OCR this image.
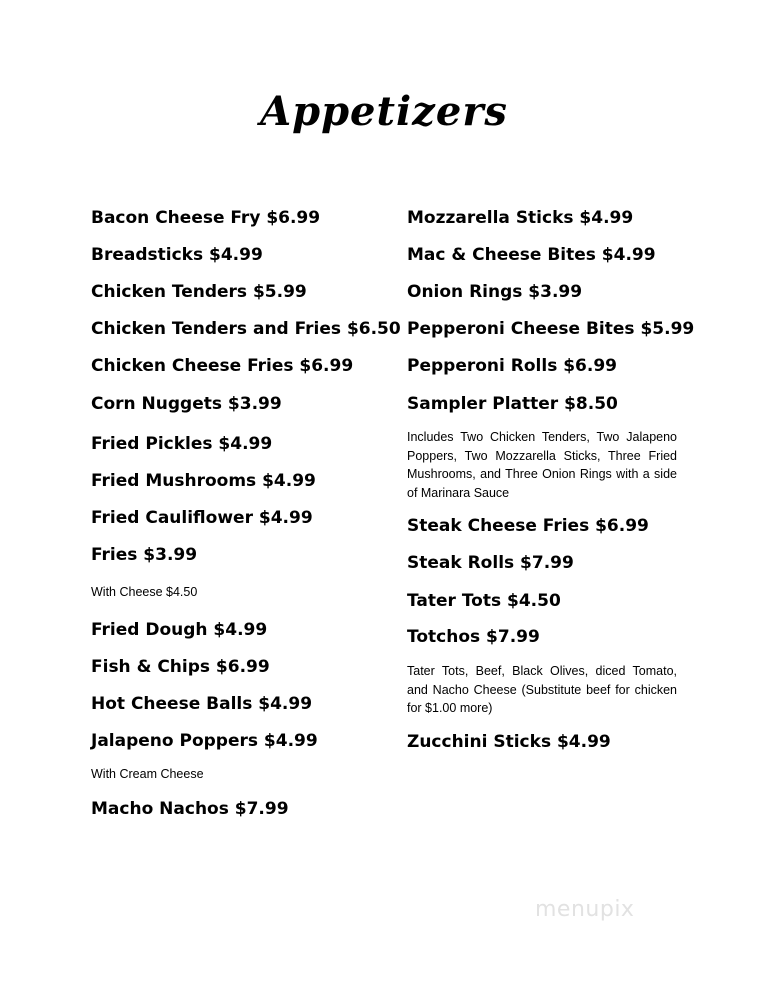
Appetizers
Bacon Cheese Fry $6.99
Breadsticks $4.99
Chicken Tenders $5.99
Chicken Tenders and Fries $6.50
Chicken Cheese Fries $6.99
Corn Nuggets $3.99
Fried Pickles $4.99
Fried Mushrooms $4.99
Fried Cauliflower $4.99
Fries $3.99
With Cheese $4.50
Fried Dough $4.99
Fish & Chips $6.99
Hot Cheese Balls $4.99
Jalapeno Poppers $4.99
With Cream Cheese
Macho Nachos $7.99
Mozzarella Sticks $4.99
Mac & Cheese Bites $4.99
Onion Rings $3.99
Pepperoni Cheese Bites $5.99
Pepperoni Rolls $6.99
Sampler Platter $8.50
Includes Two Chicken Tenders, Two Jalapeno Poppers, Two Mozzarella Sticks, Three Fried Mushrooms, and Three Onion Rings with a side of Marinara Sauce
Steak Cheese Fries $6.99
Steak Rolls $7.99
Tater Tots $4.50
Totchos $7.99
Tater Tots, Beef, Black Olives, diced Tomato, and Nacho Cheese (Substitute beef for chicken for $1.00 more)
Zucchini Sticks $4.99
menupix
